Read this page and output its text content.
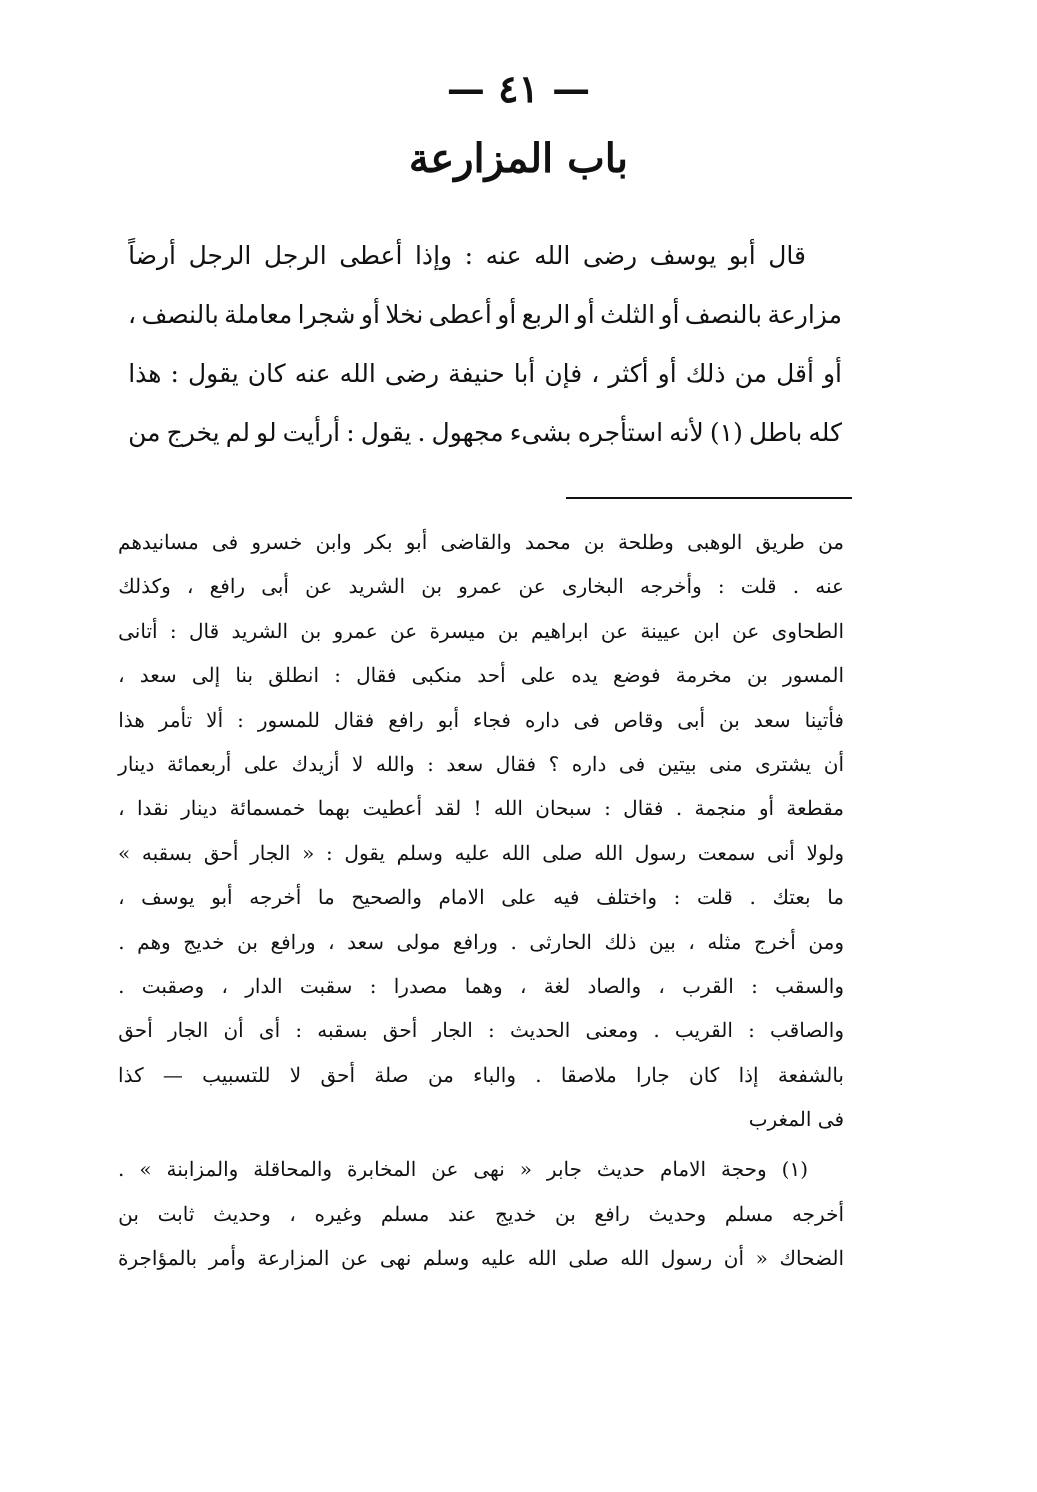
— ٤١ —
باب المزارعة
قال
أبو
يوسف
رضى
الله
عنه
:
وإذا
أعطى
الرجل
الرجل
أرضاً
مزارعة
بالنصف
أو
الثلث
أو
الربع
أو
أعطى
نخلا
أو
شجرا
معاملة
بالنصف
،
أو
أقل
من
ذلك
أو
أكثر
،
فإن
أبا
حنيفة
رضى
الله
عنه
كان
يقول
:
هذا
كله
باطل
(١)
لأنه
استأجره
بشىء
مجهول
.
يقول
:
أرأيت
لو
لم
يخرج
من
من
طريق
الوهبى
وطلحة
بن
محمد
والقاضى
أبو
بكر
وابن
خسرو
فى
مسانيدهم
عنه
.
قلت
:
وأخرجه
البخارى
عن
عمرو
بن
الشريد
عن
أبى
رافع
،
وكذلك
الطحاوى
عن
ابن
عيينة
عن
ابراهيم
بن
ميسرة
عن
عمرو
بن
الشريد
قال
:
أتانى
المسور
بن
مخرمة
فوضع
يده
على
أحد
منكبى
فقال
:
انطلق
بنا
إلى
سعد
،
فأتينا
سعد
بن
أبى
وقاص
فى
داره
فجاء
أبو
رافع
فقال
للمسور
:
ألا
تأمر
هذا
أن
يشترى
منى
بيتين
فى
داره
؟
فقال
سعد
:
والله
لا
أزيدك
على
أربعمائة
دينار
مقطعة
أو
منجمة
.
فقال
:
سبحان
الله
!
لقد
أعطيت
بهما
خمسمائة
دينار
نقدا
،
ولولا
أنى
سمعت
رسول
الله
صلى
الله
عليه
وسلم
يقول
:
«
الجار
أحق
بسقبه
»
ما
بعتك
.
قلت
:
واختلف
فيه
على
الامام
والصحيح
ما
أخرجه
أبو
يوسف
،
ومن
أخرج
مثله
،
بين
ذلك
الحارثى
.
ورافع
مولى
سعد
،
ورافع
بن
خديج
وهم
.
والسقب
:
القرب
،
والصاد
لغة
،
وهما
مصدرا
:
سقبت
الدار
،
وصقبت
.
والصاقب
:
القريب
.
ومعنى
الحديث
:
الجار
أحق
بسقبه
:
أى
أن
الجار
أحق
بالشفعة
إذا
كان
جارا
ملاصقا
.
والباء
من
صلة
أحق
لا
للتسبيب
—
كذا
فى المغرب
(١)
وحجة
الامام
حديث
جابر
«
نهى
عن
المخابرة
والمحاقلة
والمزابنة
»
.
أخرجه
مسلم
وحديث
رافع
بن
خديج
عند
مسلم
وغيره
،
وحديث
ثابت
بن
الضحاك
«
أن
رسول
الله
صلى
الله
عليه
وسلم
نهى
عن
المزارعة
وأمر
بالمؤاجرة
